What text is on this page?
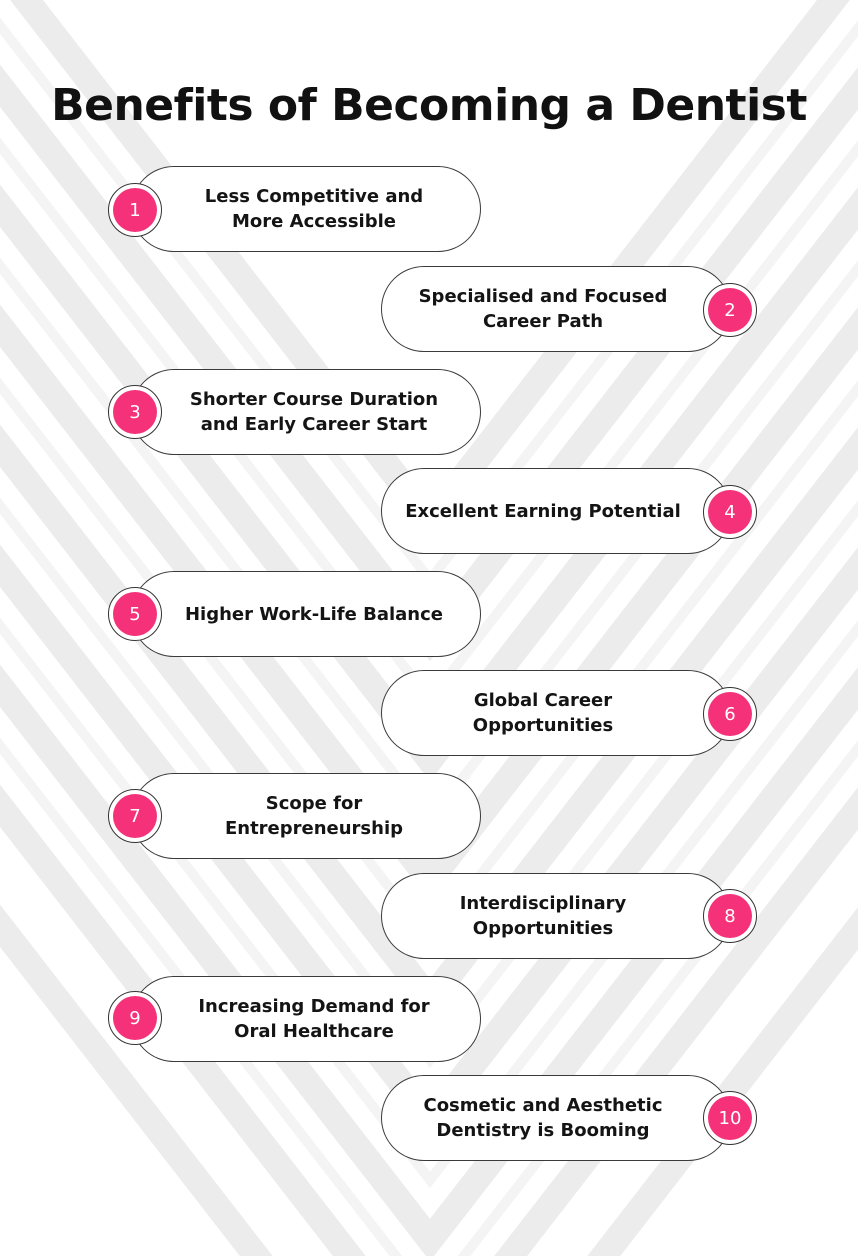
Benefits of Becoming a Dentist
Less Competitive and
More Accessible
1
Specialised and Focused
Career Path
2
Shorter Course Duration
and Early Career Start
3
Excellent Earning Potential	4
Higher Work-Life Balance
5
Global Career
Opportunities
6
Scope for
Entrepreneurship
7
Interdisciplinary
Opportunities
8
Increasing Demand for
Oral Healthcare
9
Cosmetic and Aesthetic
Dentistry is Booming
10
